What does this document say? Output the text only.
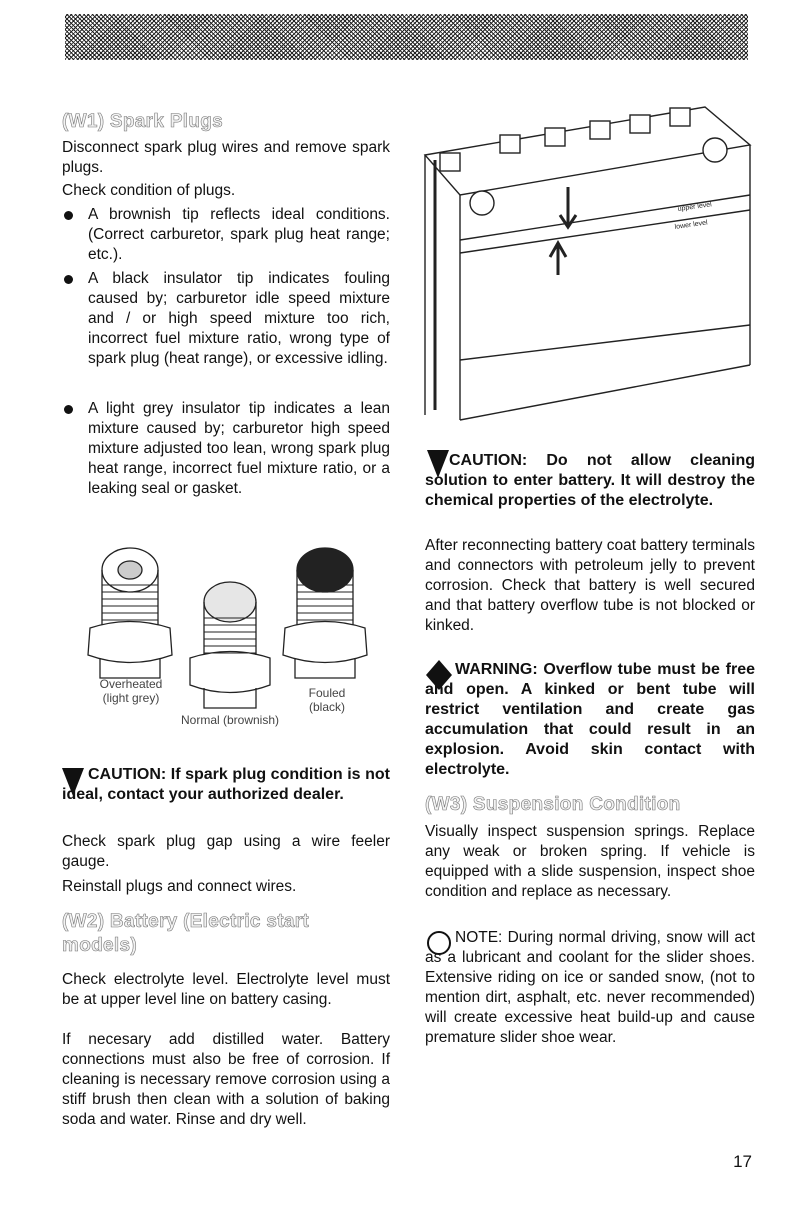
(W1) Spark Plugs

Disconnect spark plug wires and remove spark plugs.

Check condition of plugs.

A brownish tip reflects ideal conditions. (Correct carburetor, spark plug heat range; etc.).

A black insulator tip indicates fouling caused by; carburetor idle speed mixture and / or high speed mixture too rich, incorrect fuel mixture ratio, wrong type of spark plug (heat range), or excessive idling.

A light grey insulator tip indicates a lean mixture caused by; carburetor high speed mixture adjusted too lean, wrong spark plug heat range, incorrect fuel mixture ratio, or a leaking seal or gasket.

Overheated
(light grey)	Fouled
(black)
Normal (brownish)

CAUTION: If spark plug condition is not ideal, contact your authorized dealer.

Check spark plug gap using a wire feeler gauge.

Reinstall plugs and connect wires.

(W2) Battery (Electric start
models)

Check electrolyte level. Electrolyte level must be at upper level line on battery casing.

If necesary add distilled water. Battery connections must also be free of corrosion. If cleaning is necessary remove corrosion using a stiff brush then clean with a solution of baking soda and water. Rinse and dry well.

upper level
lower level

CAUTION: Do not allow cleaning solution to enter battery. It will destroy the chemical properties of the electrolyte.

After reconnecting battery coat battery terminals and connectors with petroleum jelly to prevent corrosion. Check that battery is well secured and that battery overflow tube is not blocked or kinked.

WARNING: Overflow tube must be free and open. A kinked or bent tube will restrict ventilation and create gas accumulation that could result in an explosion. Avoid skin contact with electrolyte.

(W3) Suspension Condition

Visually inspect suspension springs. Replace any weak or broken spring. If vehicle is equipped with a slide suspension, inspect shoe condition and replace as necessary.

NOTE: During normal driving, snow will act as a lubricant and coolant for the slider shoes. Extensive riding on ice or sanded snow, (not to mention dirt, asphalt, etc. never recommended) will create excessive heat build-up and cause premature slider shoe wear.

17
